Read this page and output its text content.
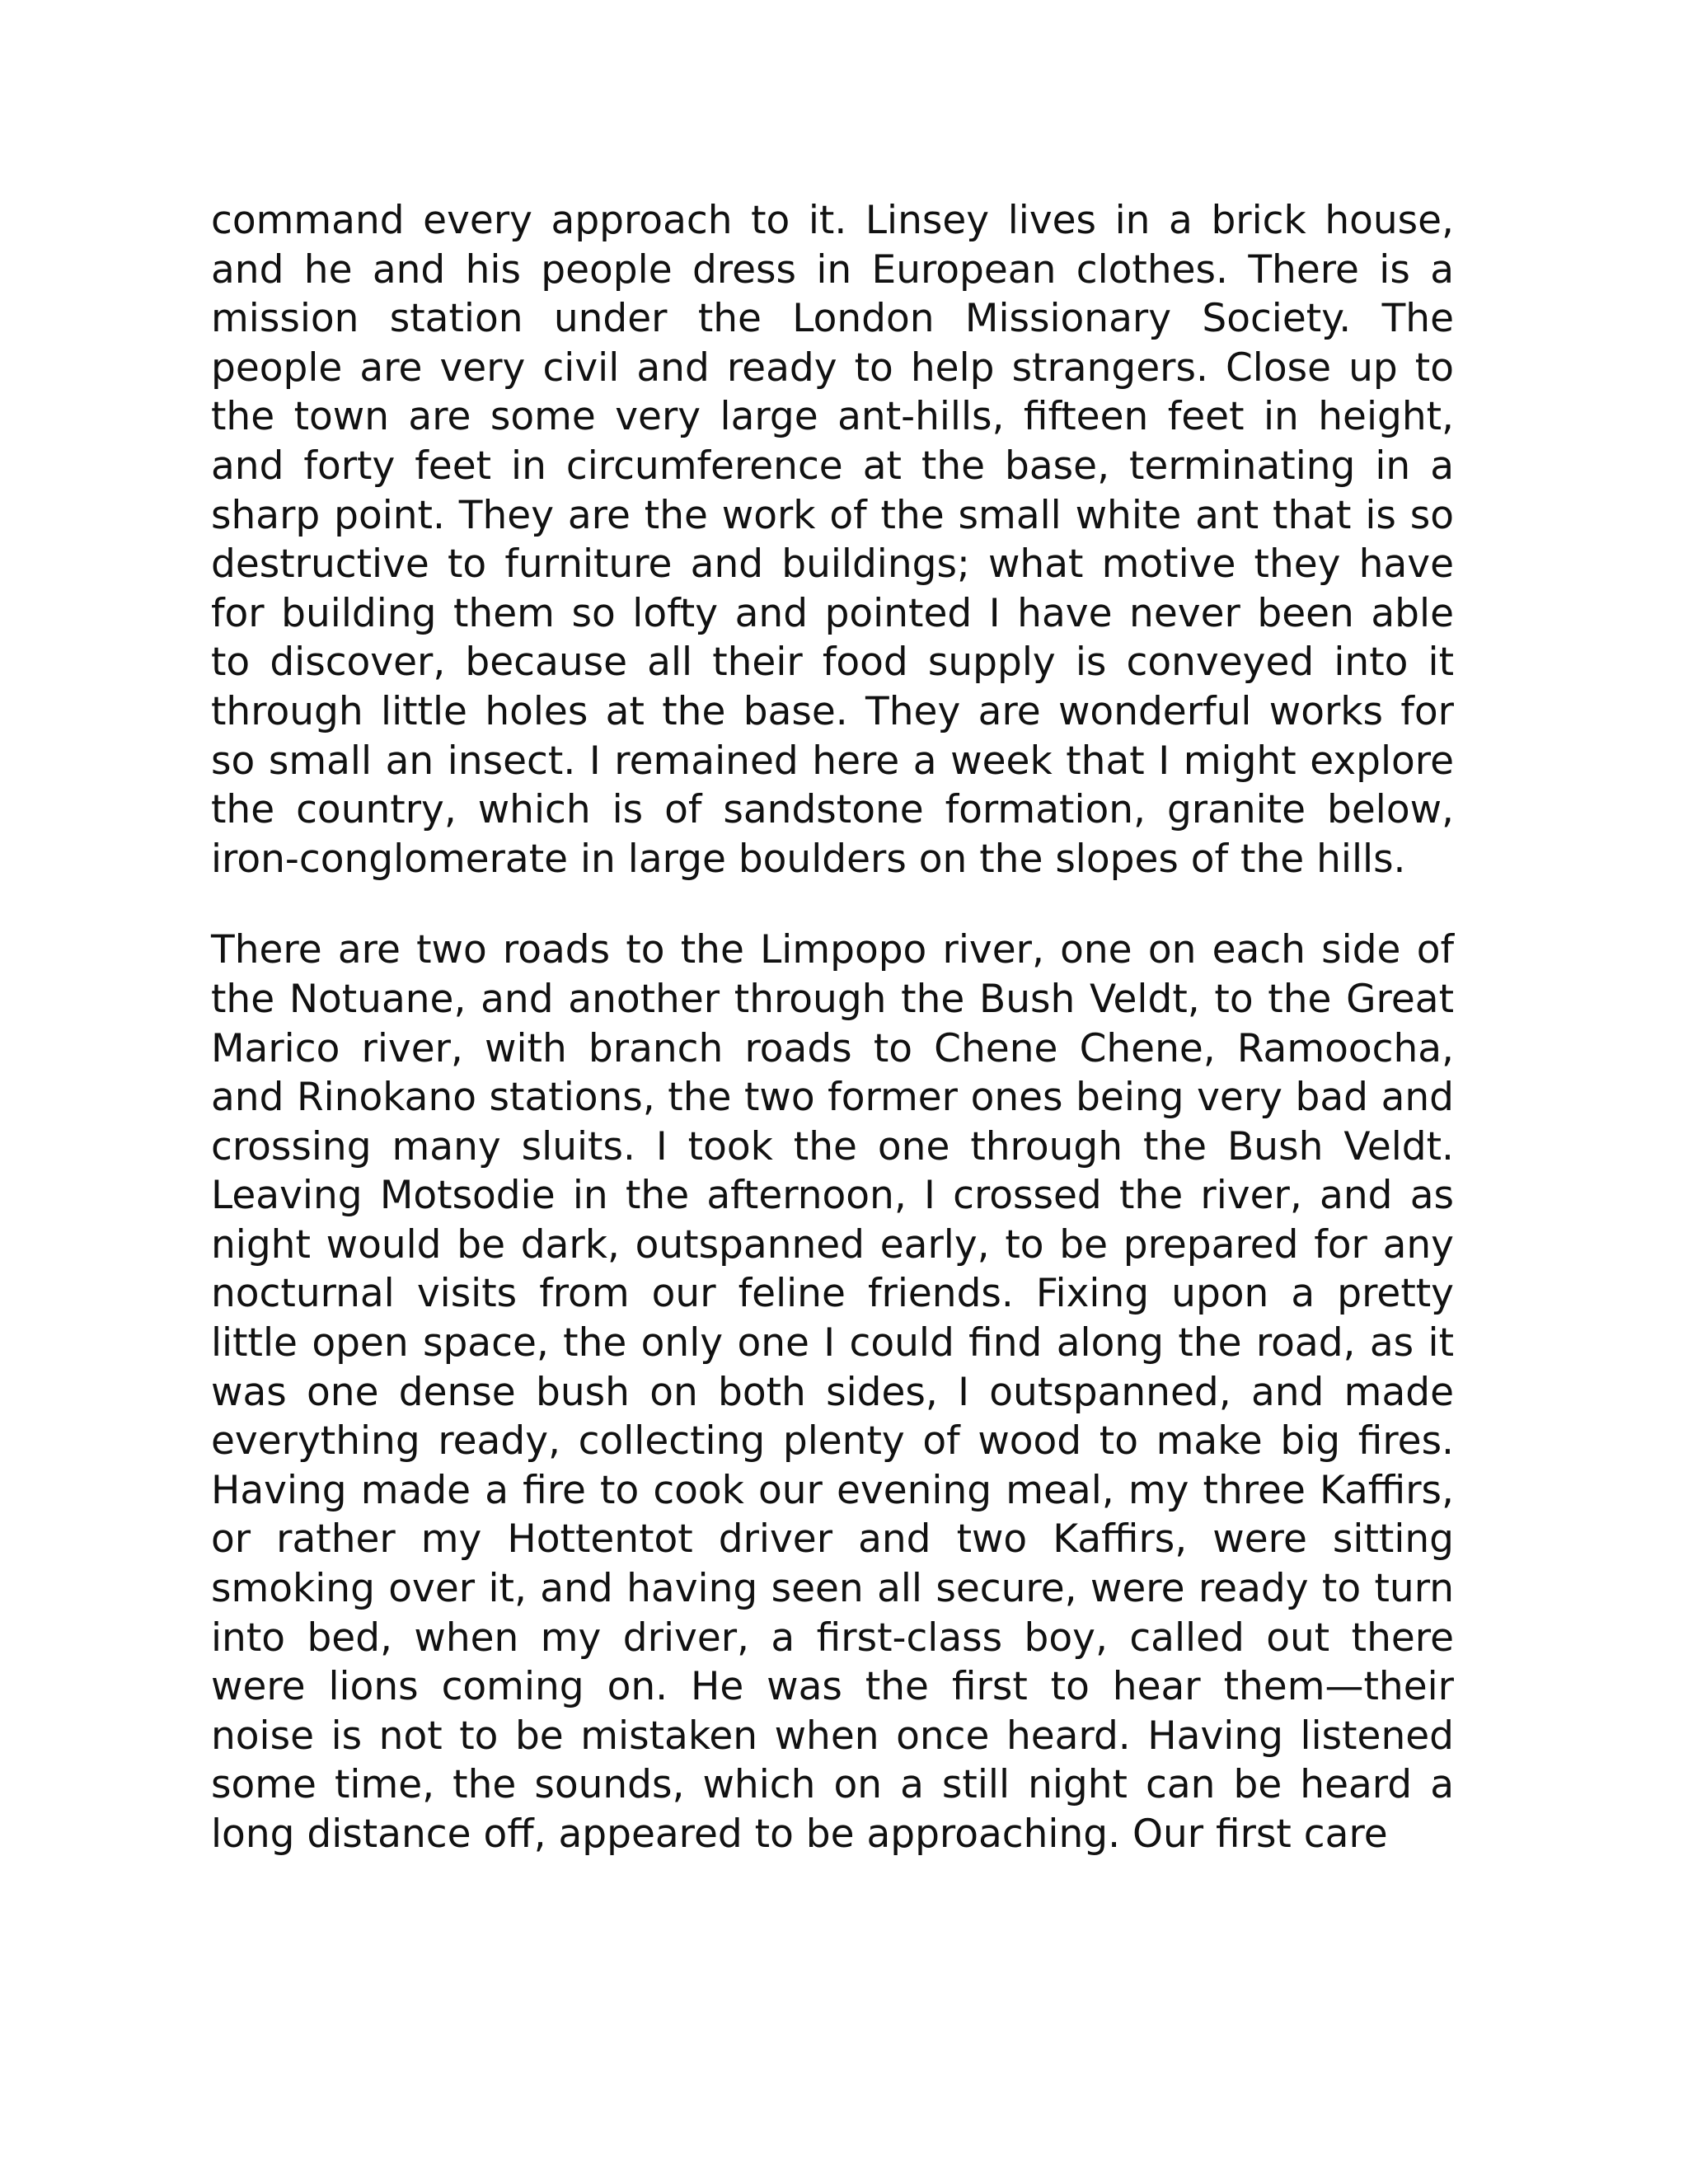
command every approach to it. Linsey lives in a brick house, and he and his people dress in European clothes. There is a mission station under the London Missionary Society. The people are very civil and ready to help strangers. Close up to the town are some very large ant-hills, fifteen feet in height, and forty feet in circumference at the base, terminating in a sharp point. They are the work of the small white ant that is so destructive to furniture and buildings; what motive they have for building them so lofty and pointed I have never been able to discover, because all their food supply is conveyed into it through little holes at the base. They are wonderful works for so small an insect. I remained here a week that I might explore the country, which is of sandstone formation, granite below, iron-conglomerate in large boulders on the slopes of the hills.

There are two roads to the Limpopo river, one on each side of the Notuane, and another through the Bush Veldt, to the Great Marico river, with branch roads to Chene Chene, Ramoocha, and Rinokano stations, the two former ones being very bad and crossing many sluits. I took the one through the Bush Veldt. Leaving Motsodie in the afternoon, I crossed the river, and as night would be dark, outspanned early, to be prepared for any nocturnal visits from our feline friends. Fixing upon a pretty little open space, the only one I could find along the road, as it was one dense bush on both sides, I outspanned, and made everything ready, collecting plenty of wood to make big fires. Having made a fire to cook our evening meal, my three Kaffirs, or rather my Hottentot driver and two Kaffirs, were sitting smoking over it, and having seen all secure, were ready to turn into bed, when my driver, a first-class boy, called out there were lions coming on. He was the first to hear them—their noise is not to be mistaken when once heard. Having listened some time, the sounds, which on a still night can be heard a long distance off, appeared to be approaching. Our first care
